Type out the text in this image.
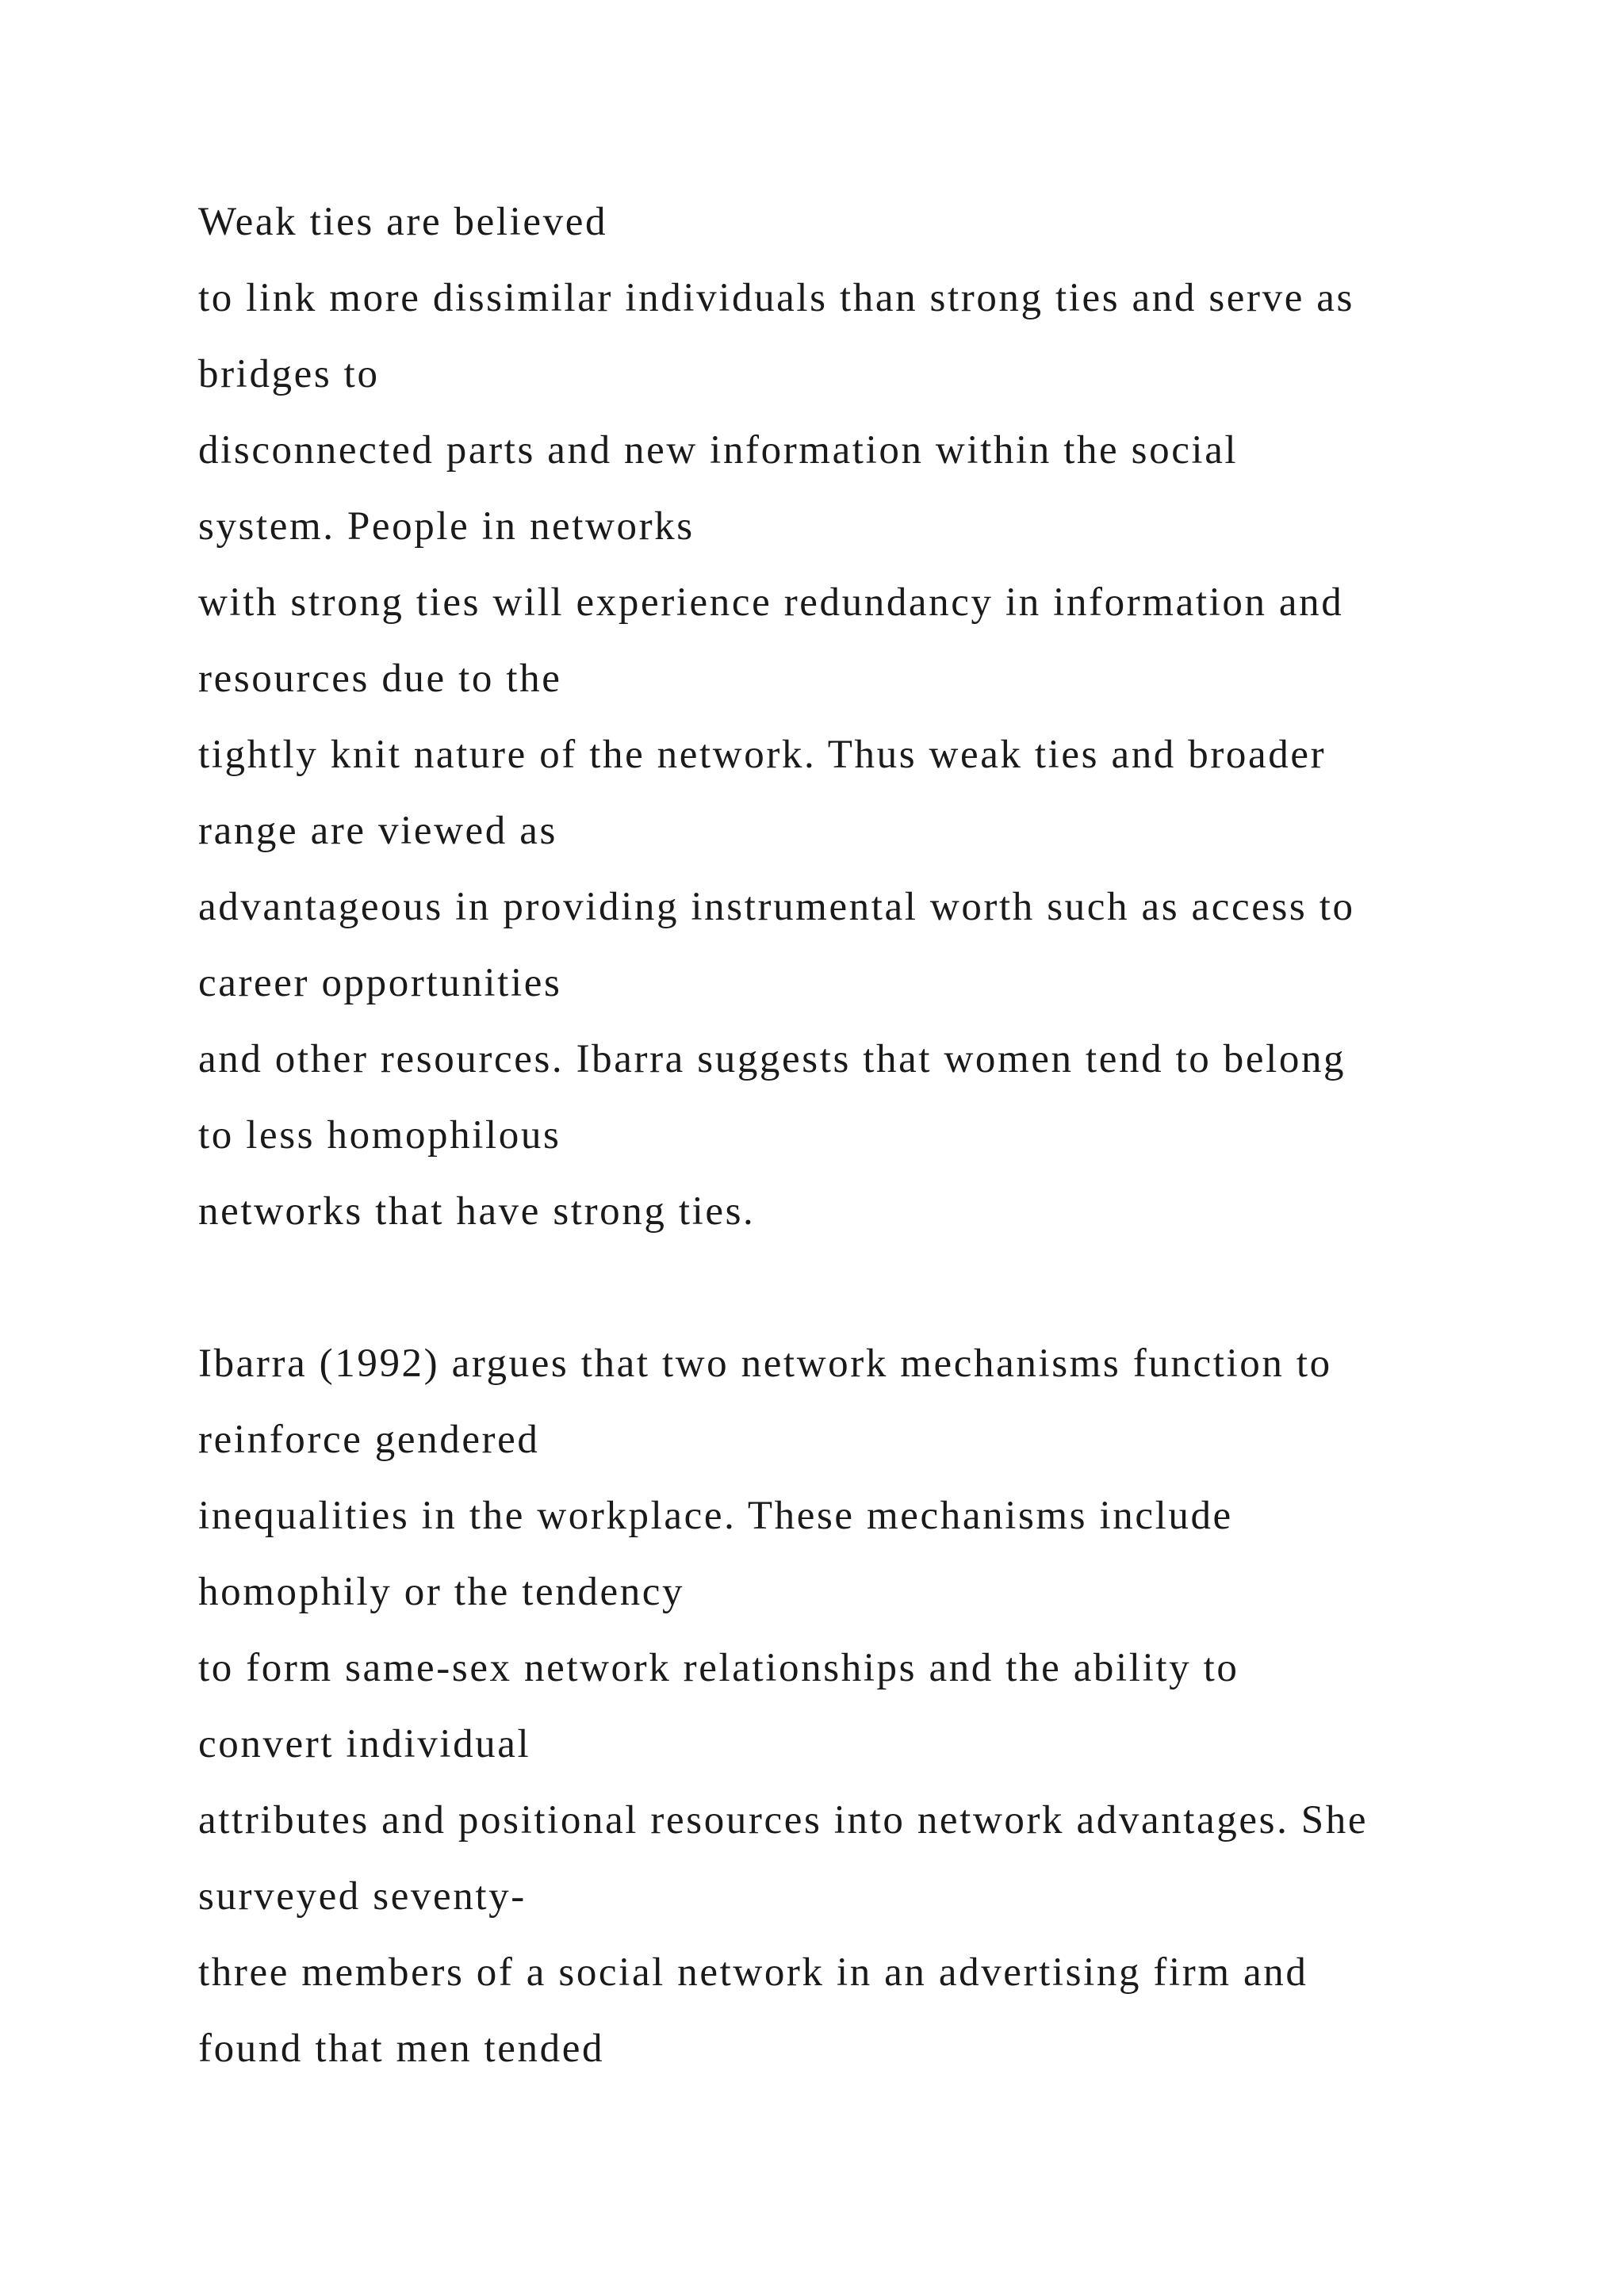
Weak ties are believed
to link more dissimilar individuals than strong ties and serve as
bridges to
disconnected parts and new information within the social
system. People in networks
with strong ties will experience redundancy in information and
resources due to the
tightly knit nature of the network. Thus weak ties and broader
range are viewed as
advantageous in providing instrumental worth such as access to
career opportunities
and other resources. Ibarra suggests that women tend to belong
to less homophilous
networks that have strong ties.
Ibarra (1992) argues that two network mechanisms function to
reinforce gendered
inequalities in the workplace. These mechanisms include
homophily or the tendency
to form same-sex network relationships and the ability to
convert individual
attributes and positional resources into network advantages. She
surveyed seventy-
three members of a social network in an advertising firm and
found that men tended
